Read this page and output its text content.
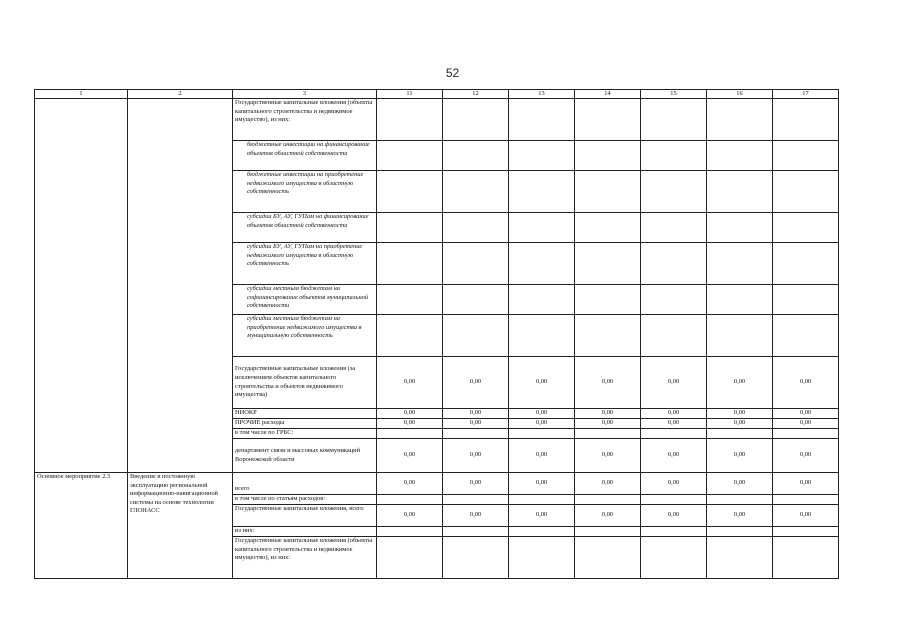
52
1	2	3	11	12	13	14	15	16	17
		Государственные капитальные вложения (объекты капитального строительства и недвижимое имущество), из них:							
		бюджетные инвестиции на финансирование объектов областной собственности							
		бюджетные инвестиции на приобретение недвижимого имущества в областную собственность							
		субсидии БУ, АУ, ГУПам на финансирование объектов областной собственности							
		субсидии БУ, АУ, ГУПам на приобретение недвижимого имущества в областную собственность							
		субсидии местным бюджетам на софинансирование объектов муниципальной собственности							
		субсидии местным бюджетам на приобретение недвижимого имущества в муниципальную собственность							
		Государственные капитальные вложения (за исключением объектов капитального строительства и объектов недвижимого имущества)	0,00	0,00	0,00	0,00	0,00	0,00	0,00
		НИОКР	0,00	0,00	0,00	0,00	0,00	0,00	0,00
		ПРОЧИЕ расходы	0,00	0,00	0,00	0,00	0,00	0,00	0,00
		в том числе по ГРБС:							
		департамент связи и массовых коммуникаций Воронежской области	0,00	0,00	0,00	0,00	0,00	0,00	0,00
Основное мероприятие 2.3	Введение в постоянную эксплуатацию региональной информационно-навигационной системы на основе технологии ГЛОНАСС	всего	0,00	0,00	0,00	0,00	0,00	0,00	0,00
		в том числе по статьям расходов:							
		Государственные капитальные вложения, всего	0,00	0,00	0,00	0,00	0,00	0,00	0,00
		из них:							
		Государственные капитальные вложения (объекты капитального строительства и недвижимое имущество), из них:							
